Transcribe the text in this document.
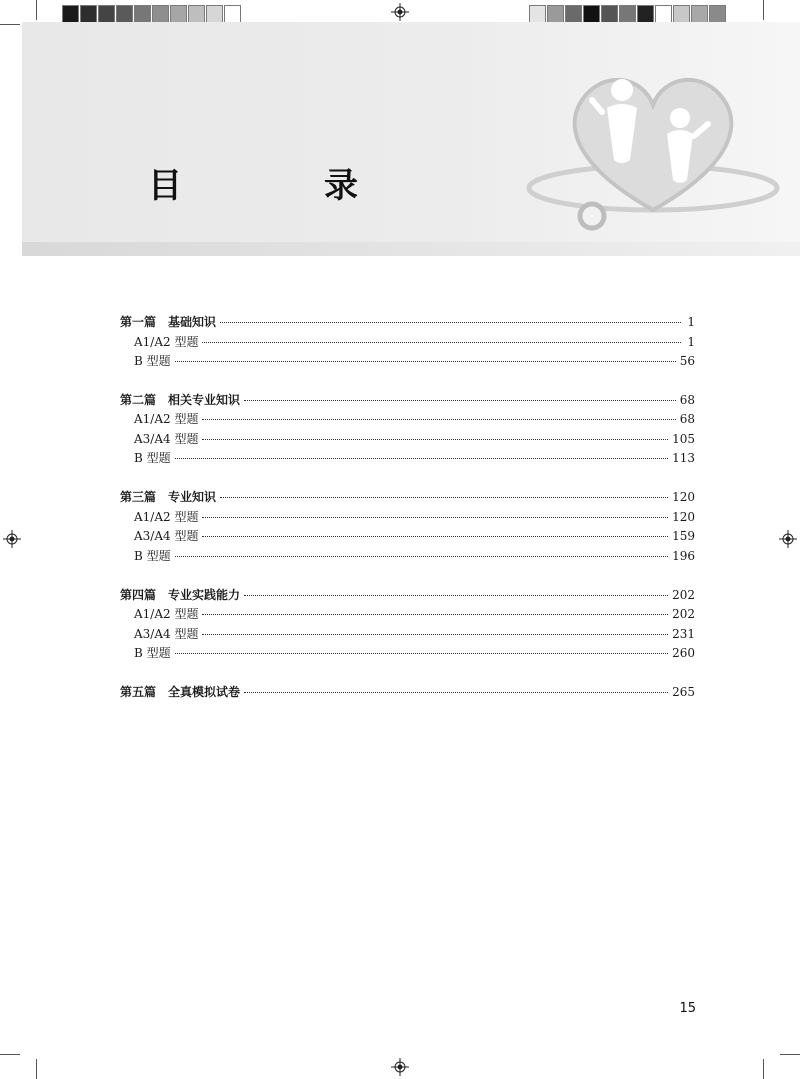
目　录
第一篇　基础知识	1
A1/A2 型题	1
B 型题	56
第二篇　相关专业知识	68
A1/A2 型题	68
A3/A4 型题	105
B 型题	113
第三篇　专业知识	120
A1/A2 型题	120
A3/A4 型题	159
B 型题	196
第四篇　专业实践能力	202
A1/A2 型题	202
A3/A4 型题	231
B 型题	260
第五篇　全真模拟试卷	265
15
